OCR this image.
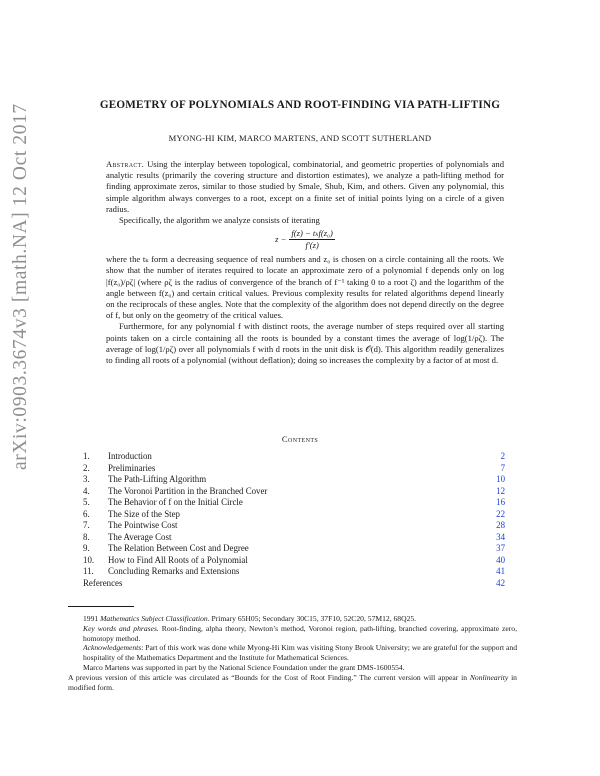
arXiv:0903.3674v3 [math.NA] 12 Oct 2017	GEOMETRY OF POLYNOMIALS AND ROOT-FINDING VIA PATH-LIFTING
MYONG-HI KIM, MARCO MARTENS, AND SCOTT SUTHERLAND

Abstract. Using the interplay between topological, combinatorial, and geometric properties of polynomials and analytic results (primarily the covering structure and distortion estimates), we analyze a path-lifting method for finding approximate zeros, similar to those studied by Smale, Shub, Kim, and others. Given any polynomial, this simple algorithm always converges to a root, except on a finite set of initial points lying on a circle of a given radius.

Specifically, the algorithm we analyze consists of iterating

$z - \frac{\text{f(z) − tₖf(z₀)}}{f'(z)}$

where the tₖ form a decreasing sequence of real numbers and z₀ is chosen on a circle containing all the roots. We show that the number of iterates required to locate an approximate zero of a polynomial f depends only on log |f(z₀)/ρζ| (where ρζ is the radius of convergence of the branch of f⁻¹ taking 0 to a root ζ) and the logarithm of the angle between f(z₀) and certain critical values. Previous complexity results for related algorithms depend linearly on the reciprocals of these angles. Note that the complexity of the algorithm does not depend directly on the degree of f, but only on the geometry of the critical values.

Furthermore, for any polynomial f with distinct roots, the average number of steps required over all starting points taken on a circle containing all the roots is bounded by a constant times the average of log(1/ρζ). The average of log(1/ρζ) over all polynomials f with d roots in the unit disk is 𝒪(d). This algorithm readily generalizes to finding all roots of a polynomial (without deflation); doing so increases the complexity by a factor of at most d.

Contents
1. Introduction	2
2. Preliminaries	7
3. The Path-Lifting Algorithm	10
4. The Voronoi Partition in the Branched Cover	12
5. The Behavior of f on the Initial Circle	16
6. The Size of the Step	22
7. The Pointwise Cost	28
8. The Average Cost	34
9. The Relation Between Cost and Degree	37
10. How to Find All Roots of a Polynomial	40
11. Concluding Remarks and Extensions	41
References	42

1991 Mathematics Subject Classification. Primary 65H05; Secondary 30C15, 37F10, 52C20, 57M12, 68Q25.

Key words and phrases. Root-finding, alpha theory, Newton’s method, Voronoi region, path-lifting, branched covering, approximate zero, homotopy method.

Acknowledgements: Part of this work was done while Myong-Hi Kim was visiting Stony Brook University; we are grateful for the support and hospitality of the Mathematics Department and the Institute for Mathematical Sciences.

Marco Martens was supported in part by the National Science Foundation under the grant DMS-1600554.

A previous version of this article was circulated as “Bounds for the Cost of Root Finding.” The current version will appear in Nonlinearity in modified form.
